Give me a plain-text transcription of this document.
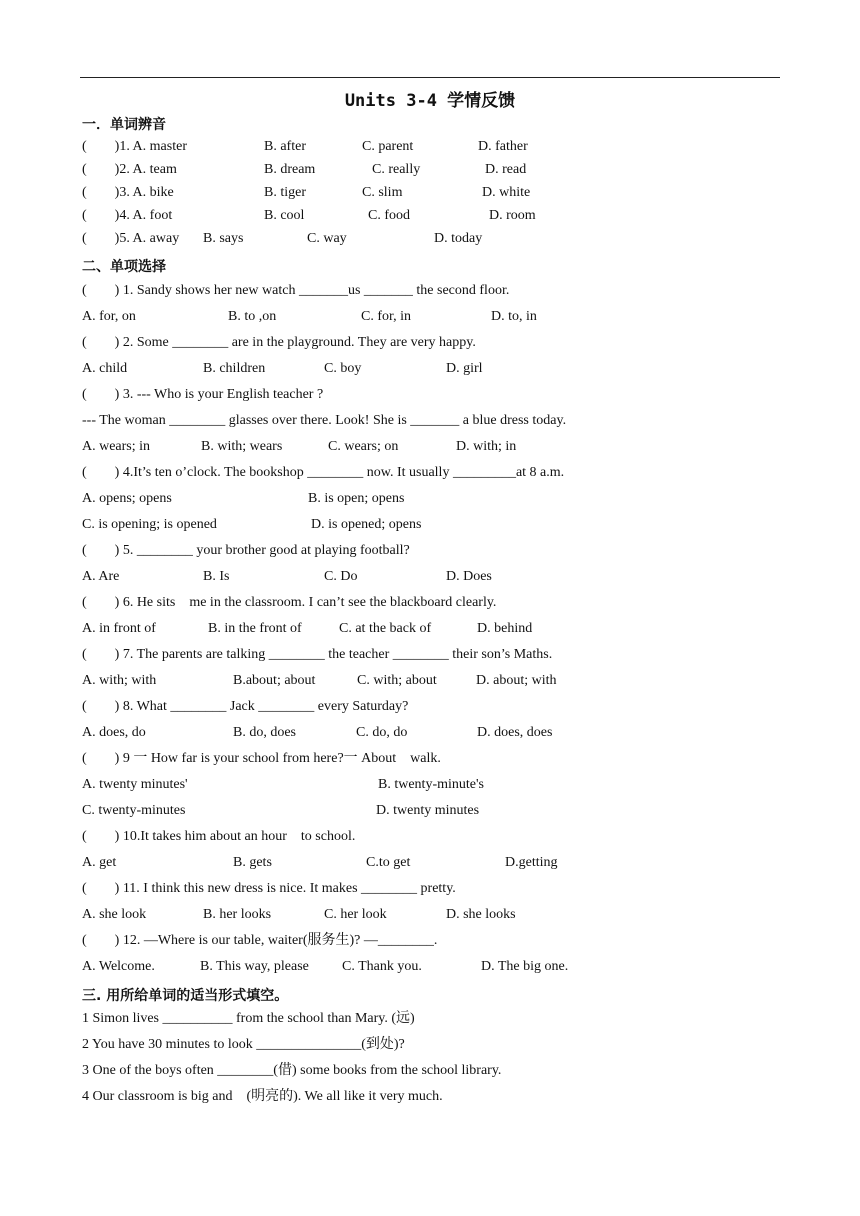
Units 3-4 学情反馈
一．单词辨音
(　　)1. A. master	B. after	C. parent	D. father
(　　)2. A. team	B. dream	C. really	D. read
(　　)3. A. bike	B. tiger	C. slim	D. white
(　　)4. A. foot	B. cool	C. food	D. room
(　　)5. A. away B. says	C. way	D. today
二、单项选择
(　　) 1. Sandy shows her new watch _______us _______ the second floor.
A. for, on	B. to ,on	C. for, in	D. to, in
(　　) 2. Some ________ are in the playground. They are very happy.
A. child	B. children	C. boy	D. girl
(　　) 3. --- Who is your English teacher ?
--- The woman ________ glasses over there. Look! She is _______ a blue dress today.
A. wears; in	B. with; wears	C. wears; on	D. with; in
(　　) 4.It’s ten o’clock. The bookshop ________ now. It usually _________at 8 a.m.
A. opens; opens	B. is open; opens
C. is opening; is opened	D. is opened; opens
(　　) 5. ________ your brother good at playing football?
A. Are	B. Is	C. Do	D. Does
(　　) 6. He sits　me in the classroom. I can’t see the blackboard clearly.
A. in front of	B. in the front of	C. at the back of	D. behind
(　　) 7. The parents are talking ________ the teacher ________ their son’s Maths.
A. with; with	B.about; about	C. with; about	D. about; with
(　　) 8. What ________ Jack ________ every Saturday?
A. does, do	B. do, does	C. do, do	D. does, does
(　　) 9 一 How far is your school from here?一 About　walk.
A. twenty minutes'	B. twenty-minute's
C. twenty-minutes	D. twenty minutes
(　　) 10.It takes him about an hour　to school.
A. get	B. gets	C.to get	D.getting
(　　) 11. I think this new dress is nice. It makes ________ pretty.
A. she look	B. her looks	C. her look	D. she looks
(　　) 12. —Where is our table, waiter(服务生)? —________.
A. Welcome.	B. This way, please C. Thank you.	D. The big one.
三. 用所给单词的适当形式填空。
1 Simon lives __________ from the school than Mary. (远)
2 You have 30 minutes to look _______________(到处)?
3 One of the boys often ________(借) some books from the school library.
4 Our classroom is big and　(明亮的). We all like it very much.
